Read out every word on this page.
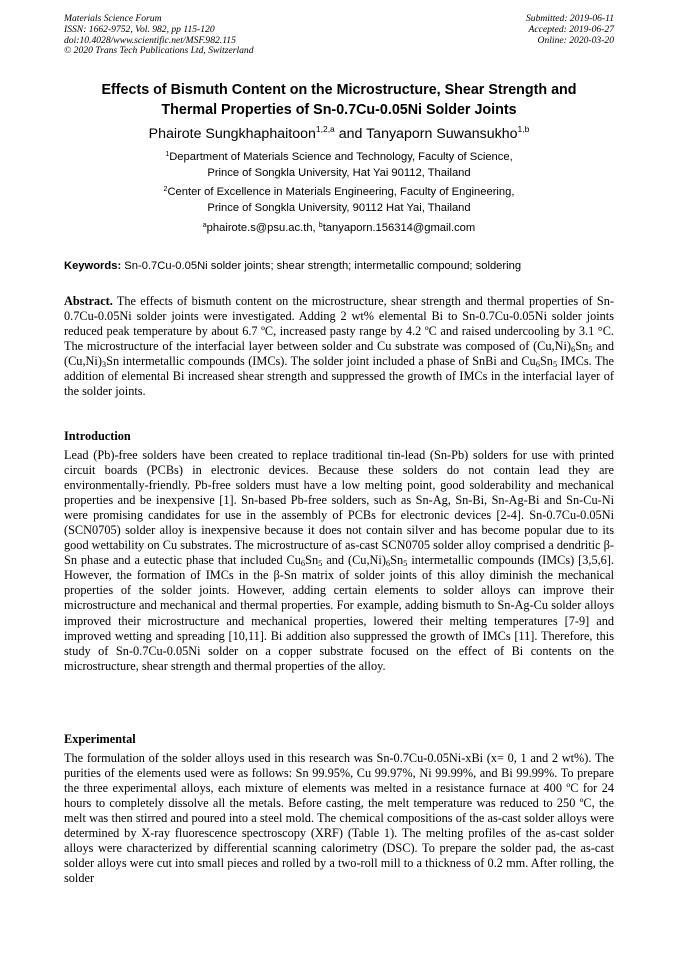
Materials Science Forum
ISSN: 1662-9752, Vol. 982, pp 115-120
doi:10.4028/www.scientific.net/MSF.982.115
© 2020 Trans Tech Publications Ltd, Switzerland
Submitted: 2019-06-11
Accepted: 2019-06-27
Online: 2020-03-20
Effects of Bismuth Content on the Microstructure, Shear Strength and
Thermal Properties of Sn-0.7Cu-0.05Ni Solder Joints
Phairote Sungkhaphaitoon$^{1,2,a}$ and Tanyaporn Suwansukho$^{1,b}$
$^1$Department of Materials Science and Technology, Faculty of Science,
Prince of Songkla University, Hat Yai 90112, Thailand
$^2$Center of Excellence in Materials Engineering, Faculty of Engineering,
Prince of Songkla University, 90112 Hat Yai, Thailand
$^a$phairote.s@psu.ac.th, $^b$tanyaporn.156314@gmail.com
Keywords: Sn-0.7Cu-0.05Ni solder joints; shear strength; intermetallic compound; soldering
Abstract. The effects of bismuth content on the microstructure, shear strength and thermal properties of Sn-0.7Cu-0.05Ni solder joints were investigated. Adding 2 wt% elemental Bi to Sn-0.7Cu-0.05Ni solder joints reduced peak temperature by about 6.7 ºC, increased pasty range by 4.2 ºC and raised undercooling by 3.1 °C. The microstructure of the interfacial layer between solder and Cu substrate was composed of $(Cu,Ni)_6Sn_5$ and $(Cu,Ni)_3Sn$ intermetallic compounds (IMCs). The solder joint included a phase of SnBi and $Cu_6Sn_5$ IMCs. The addition of elemental Bi increased shear strength and suppressed the growth of IMCs in the interfacial layer of the solder joints.
Introduction
Lead (Pb)-free solders have been created to replace traditional tin-lead (Sn-Pb) solders for use with printed circuit boards (PCBs) in electronic devices. Because these solders do not contain lead they are environmentally-friendly. Pb-free solders must have a low melting point, good solderability and mechanical properties and be inexpensive [1]. Sn-based Pb-free solders, such as Sn-Ag, Sn-Bi, Sn-Ag-Bi and Sn-Cu-Ni were promising candidates for use in the assembly of PCBs for electronic devices [2-4]. Sn-0.7Cu-0.05Ni (SCN0705) solder alloy is inexpensive because it does not contain silver and has become popular due to its good wettability on Cu substrates. The microstructure of as-cast SCN0705 solder alloy comprised a dendritic β-Sn phase and a eutectic phase that included $Cu_6Sn_5$ and $(Cu,Ni)_6Sn_5$ intermetallic compounds (IMCs) [3,5,6]. However, the formation of IMCs in the β-Sn matrix of solder joints of this alloy diminish the mechanical properties of the solder joints. However, adding certain elements to solder alloys can improve their microstructure and mechanical and thermal properties. For example, adding bismuth to Sn-Ag-Cu solder alloys improved their microstructure and mechanical properties, lowered their melting temperatures [7-9] and improved wetting and spreading [10,11]. Bi addition also suppressed the growth of IMCs [11]. Therefore, this study of Sn-0.7Cu-0.05Ni solder on a copper substrate focused on the effect of Bi contents on the microstructure, shear strength and thermal properties of the alloy.
Experimental
The formulation of the solder alloys used in this research was Sn-0.7Cu-0.05Ni-xBi (x= 0, 1 and 2 wt%). The purities of the elements used were as follows: Sn 99.95%, Cu 99.97%, Ni 99.99%, and Bi 99.99%. To prepare the three experimental alloys, each mixture of elements was melted in a resistance furnace at 400 ºC for 24 hours to completely dissolve all the metals. Before casting, the melt temperature was reduced to 250 ºC, the melt was then stirred and poured into a steel mold. The chemical compositions of the as-cast solder alloys were determined by X-ray fluorescence spectroscopy (XRF) (Table 1). The melting profiles of the as-cast solder alloys were characterized by differential scanning calorimetry (DSC). To prepare the solder pad, the as-cast solder alloys were cut into small pieces and rolled by a two-roll mill to a thickness of 0.2 mm. After rolling, the solder
